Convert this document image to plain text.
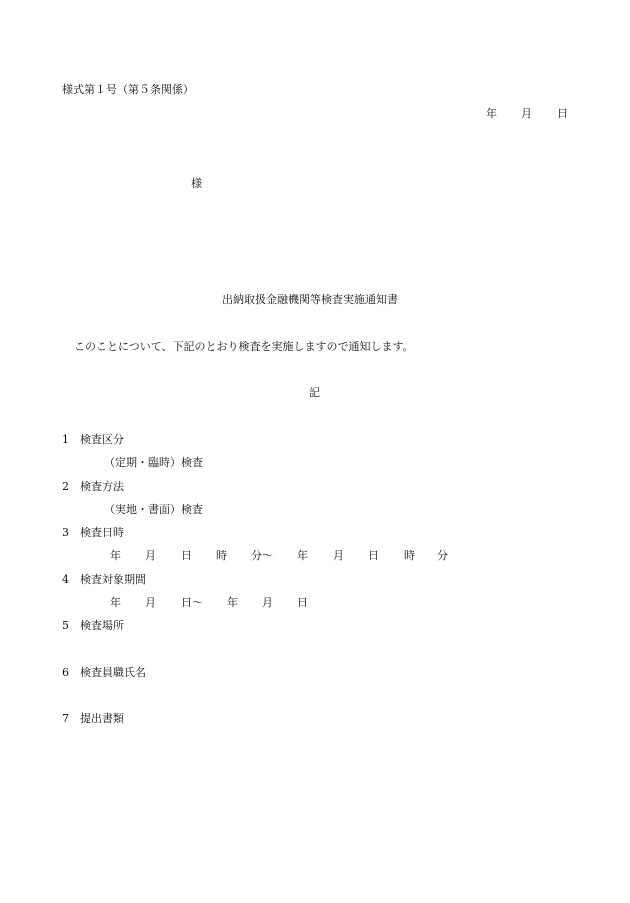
様式第１号（第５条関係）
年 月 日
様
出納取扱金融機関等検査実施通知書
このことについて、下記のとおり検査を実施しますので通知します。
記
1 検査区分
（定期・臨時）検査
2 検査方法
（実地・書面）検査
3 検査日時
年 月 日 時 分～ 年 月 日 時 分
4 検査対象期間
年 月 日～ 年 月 日
5 検査場所
6 検査員職氏名
7 提出書類
